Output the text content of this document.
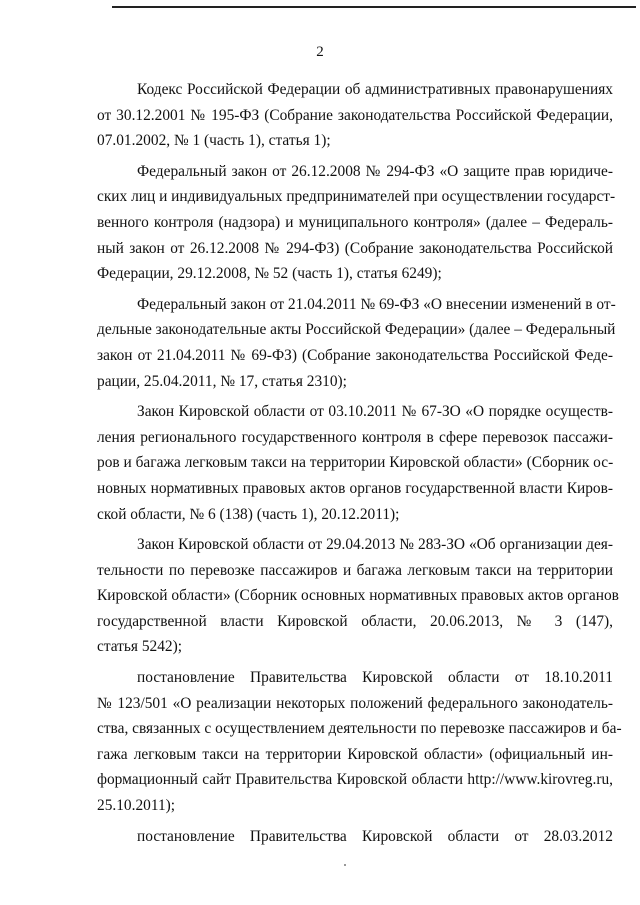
2
Кодекс Российской Федерации об административных правонарушениях
от 30.12.2001 № 195-ФЗ (Собрание законодательства Российской Федерации,
07.01.2002, № 1 (часть 1), статья 1);
Федеральный закон от 26.12.2008 № 294-ФЗ «О защите прав юридиче-
ских лиц и индивидуальных предпринимателей при осуществлении государст-
венного контроля (надзора) и муниципального контроля» (далее – Федераль-
ный закон от 26.12.2008 № 294-ФЗ) (Собрание законодательства Российской
Федерации, 29.12.2008, № 52 (часть 1), статья 6249);
Федеральный закон от 21.04.2011 № 69-ФЗ «О внесении изменений в от-
дельные законодательные акты Российской Федерации» (далее – Федеральный
закон от 21.04.2011 № 69-ФЗ) (Собрание законодательства Российской Феде-
рации, 25.04.2011, № 17, статья 2310);
Закон Кировской области от 03.10.2011 № 67-ЗО «О порядке осуществ-
ления регионального государственного контроля в сфере перевозок пассажи-
ров и багажа легковым такси на территории Кировской области» (Сборник ос-
новных нормативных правовых актов органов государственной власти Киров-
ской области, № 6 (138) (часть 1), 20.12.2011);
Закон Кировской области от 29.04.2013 № 283-ЗО «Об организации дея-
тельности по перевозке пассажиров и багажа легковым такси на территории
Кировской области» (Сборник основных нормативных правовых актов органов
государственной власти Кировской области, 20.06.2013, № 3 (147),
статья 5242);
постановление Правительства Кировской области от 18.10.2011
№ 123/501 «О реализации некоторых положений федерального законодатель-
ства, связанных с осуществлением деятельности по перевозке пассажиров и ба-
гажа легковым такси на территории Кировской области» (официальный ин-
формационный сайт Правительства Кировской области http://www.kirovreg.ru,
25.10.2011);
постановление Правительства Кировской области от 28.03.2012
